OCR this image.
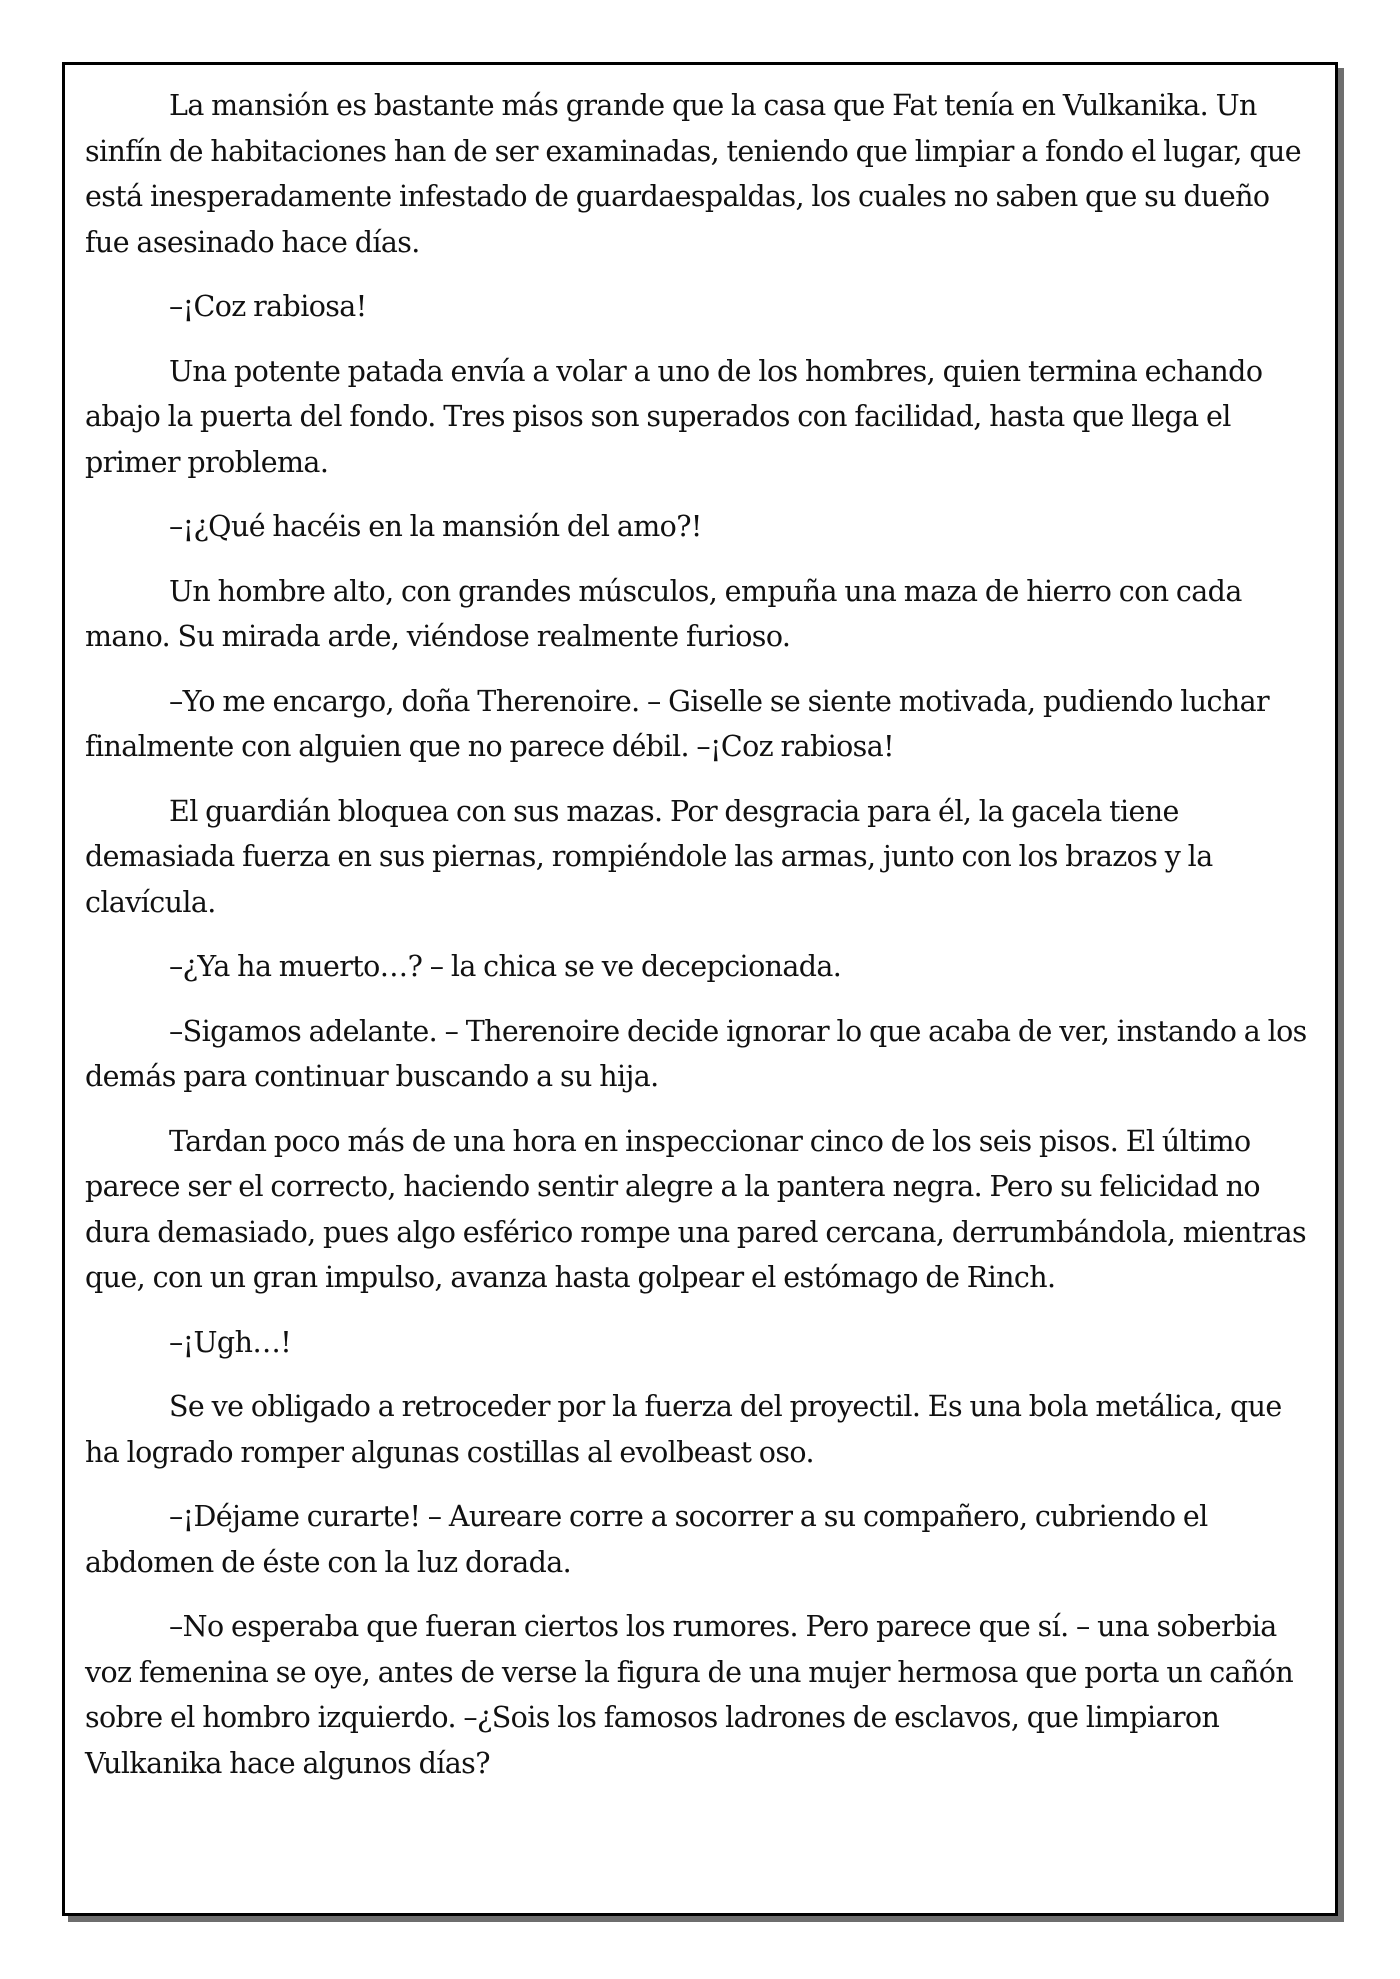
La mansión es bastante más grande que la casa que Fat tenía en Vulkanika. Un sinfín de habitaciones han de ser examinadas, teniendo que limpiar a fondo el lugar, que está inesperadamente infestado de guardaespaldas, los cuales no saben que su dueño fue asesinado hace días.

–¡Coz rabiosa!

Una potente patada envía a volar a uno de los hombres, quien termina echando abajo la puerta del fondo. Tres pisos son superados con facilidad, hasta que llega el primer problema.

–¡¿Qué hacéis en la mansión del amo?!

Un hombre alto, con grandes músculos, empuña una maza de hierro con cada mano. Su mirada arde, viéndose realmente furioso.

–Yo me encargo, doña Therenoire. – Giselle se siente motivada, pudiendo luchar finalmente con alguien que no parece débil. –¡Coz rabiosa!

El guardián bloquea con sus mazas. Por desgracia para él, la gacela tiene demasiada fuerza en sus piernas, rompiéndole las armas, junto con los brazos y la clavícula.

–¿Ya ha muerto…? – la chica se ve decepcionada.

–Sigamos adelante. – Therenoire decide ignorar lo que acaba de ver, instando a los demás para continuar buscando a su hija.

Tardan poco más de una hora en inspeccionar cinco de los seis pisos. El último parece ser el correcto, haciendo sentir alegre a la pantera negra. Pero su felicidad no dura demasiado, pues algo esférico rompe una pared cercana, derrumbándola, mientras que, con un gran impulso, avanza hasta golpear el estómago de Rinch.

–¡Ugh…!

Se ve obligado a retroceder por la fuerza del proyectil. Es una bola metálica, que ha logrado romper algunas costillas al evolbeast oso.

–¡Déjame curarte! – Aureare corre a socorrer a su compañero, cubriendo el abdomen de éste con la luz dorada.

–No esperaba que fueran ciertos los rumores. Pero parece que sí. – una soberbia voz femenina se oye, antes de verse la figura de una mujer hermosa que porta un cañón sobre el hombro izquierdo. –¿Sois los famosos ladrones de esclavos, que limpiaron Vulkanika hace algunos días?
